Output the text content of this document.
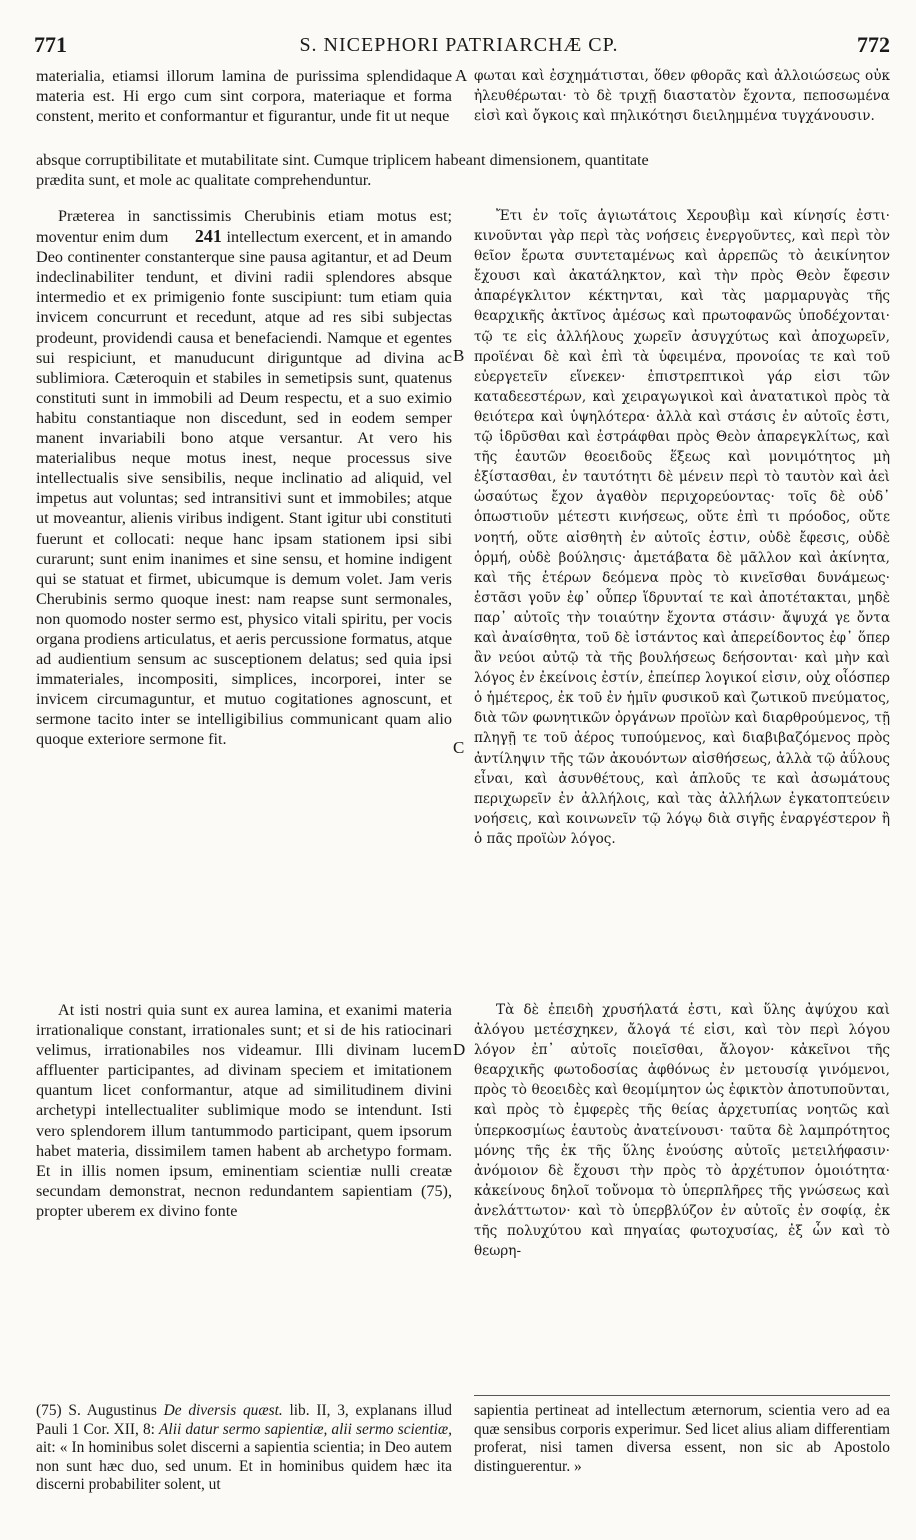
771	S. NICEPHORI PATRIARCHÆ CP.	772

materialia, etiamsi illorum lamina de purissima splendidaque materia est. Hi ergo cum sint corpora, materiaque et forma constent, merito et conformantur et figurantur, unde fit ut neque

A φωται καὶ ἐσχημάτισται, ὅθεν φθορᾶς καὶ ἀλλοιώσεως οὐκ ἠλευθέρωται· τὸ δὲ τριχῇ διαστατὸν ἔχοντα, πεποσωμένα εἰσὶ καὶ ὄγκοις καὶ πηλικότησι διειλημμένα τυγχάνουσιν.

absque corruptibilitate et mutabilitate sint. Cumque triplicem habeant dimensionem, quantitate
prædita sunt, et mole ac qualitate comprehenduntur.

Præterea in sanctissimis Cherubinis etiam motus est; moventur enim dum 241 intellectum exercent, et in amando Deo continenter constanterque sine pausa agitantur, et ad Deum indeclinabiliter tendunt, et divini radii splendores absque intermedio et ex primigenio fonte suscipiunt: tum etiam quia invicem concurrunt et recedunt, atque ad res sibi subjectas prodeunt, providendi causa et benefaciendi. Namque et egentes sui respiciunt, et manuducunt diriguntque ad divina ac sublimiora. Cæteroquin et stabiles in semetipsis sunt, quatenus constituti sunt in immobili ad Deum respectu, et a suo eximio habitu constantiaque non discedunt, sed in eodem semper manent invariabili bono atque versantur. At vero his materialibus neque motus inest, neque processus sive intellectualis sive sensibilis, neque inclinatio ad aliquid, vel impetus aut voluntas; sed intransitivi sunt et immobiles; atque ut moveantur, alienis viribus indigent. Stant igitur ubi constituti fuerunt et collocati: neque hanc ipsam stationem ipsi sibi curarunt; sunt enim inanimes et sine sensu, et homine indigent qui se statuat et firmet, ubicumque is demum volet. Jam veris Cherubinis sermo quoque inest: nam reapse sunt sermonales, non quomodo noster sermo est, physico vitali spiritu, per vocis organa prodiens articulatus, et aeris percussione formatus, atque ad audientium sensum ac susceptionem delatus; sed quia ipsi immateriales, incompositi, simplices, incorporei, inter se invicem circumaguntur, et mutuo cogitationes agnoscunt, et sermone tacito inter se intelligibilius communicant quam alio quoque exteriore sermone fit.

B
C

Ἔτι ἐν τοῖς ἁγιωτάτοις Χερουβὶμ καὶ κίνησίς ἐστι· κινοῦνται γὰρ περὶ τὰς νοήσεις ἐνεργοῦντες, καὶ περὶ τὸν θεῖον ἔρωτα συντεταμένως καὶ ἀρρεπῶς τὸ ἀεικίνητον ἔχουσι καὶ ἀκατάληκτον, καὶ τὴν πρὸς Θεὸν ἔφεσιν ἀπαρέγκλιτον κέκτηνται, καὶ τὰς μαρμαρυγὰς τῆς θεαρχικῆς ἀκτῖνος ἀμέσως καὶ πρωτοφανῶς ὑποδέχονται· τῷ τε εἰς ἀλλήλους χωρεῖν ἀσυγχύτως καὶ ἀποχωρεῖν, προϊέναι δὲ καὶ ἐπὶ τὰ ὑφειμένα, προνοίας τε καὶ τοῦ εὐεργετεῖν εἵνεκεν· ἐπιστρεπτικοὶ γάρ εἰσι τῶν καταδεεστέρων, καὶ χειραγωγικοὶ καὶ ἀνατατικοὶ πρὸς τὰ θειότερα καὶ ὑψηλότερα· ἀλλὰ καὶ στάσις ἐν αὐτοῖς ἐστι, τῷ ἱδρῦσθαι καὶ ἐστράφθαι πρὸς Θεὸν ἀπαρεγκλίτως, καὶ τῆς ἑαυτῶν θεοειδοῦς ἕξεως καὶ μονιμότητος μὴ ἐξίστασθαι, ἐν ταυτότητι δὲ μένειν περὶ τὸ ταυτὸν καὶ ἀεὶ ὡσαύτως ἔχον ἀγαθὸν περιχορεύοντας· τοῖς δὲ οὐδ᾽ ὁπωστιοῦν μέτεστι κινήσεως, οὔτε ἐπὶ τι πρόοδος, οὔτε νοητή, οὔτε αἰσθητὴ ἐν αὐτοῖς ἐστιν, οὐδὲ ἔφεσις, οὐδὲ ὁρμή, οὐδὲ βούλησις· ἀμετάβατα δὲ μᾶλλον καὶ ἀκίνητα, καὶ τῆς ἑτέρων δεόμενα πρὸς τὸ κινεῖσθαι δυνάμεως· ἑστᾶσι γοῦν ἐφ᾽ οὗπερ ἵδρυνταί τε καὶ ἀποτέτακται, μηδὲ παρ᾽ αὐτοῖς τὴν τοιαύτην ἔχοντα στάσιν· ἄψυχά γε ὄντα καὶ ἀναίσθητα, τοῦ δὲ ἱστάντος καὶ ἀπερείδοντος ἐφ᾽ ὅπερ ἂν νεύοι αὐτῷ τὰ τῆς βουλήσεως δεήσονται· καὶ μὴν καὶ λόγος ἐν ἐκείνοις ἐστίν, ἐπείπερ λογικοί εἰσιν, οὐχ οἷόσπερ ὁ ἡμέτερος, ἐκ τοῦ ἐν ἡμῖν φυσικοῦ καὶ ζωτικοῦ πνεύματος, διὰ τῶν φωνητικῶν ὀργάνων προϊὼν καὶ διαρθρούμενος, τῇ πληγῇ τε τοῦ ἀέρος τυπούμενος, καὶ διαβιβαζόμενος πρὸς ἀντίληψιν τῆς τῶν ἀκουόντων αἰσθήσεως, ἀλλὰ τῷ ἀΰλους εἶναι, καὶ ἀσυνθέτους, καὶ ἁπλοῦς τε καὶ ἀσωμάτους περιχωρεῖν ἐν ἀλλήλοις, καὶ τὰς ἀλλήλων ἐγκατοπτεύειν νοήσεις, καὶ κοινωνεῖν τῷ λόγῳ διὰ σιγῆς ἐναργέστερον ἢ ὁ πᾶς προϊὼν λόγος.

At isti nostri quia sunt ex aurea lamina, et exanimi materia irrationalique constant, irrationales sunt; et si de his ratiocinari velimus, irrationabiles nos videamur. Illi divinam lucem affluenter participantes, ad divinam speciem et imitationem quantum licet conformantur, atque ad similitudinem divini archetypi intellectualiter sublimique modo se intendunt. Isti vero splendorem illum tantummodo participant, quem ipsorum habet materia, dissimilem tamen habent ab archetypo formam. Et in illis nomen ipsum, eminentiam scientiæ nulli creatæ secundam demonstrat, necnon redundantem sapientiam (75), propter uberem ex divino fonte

D

Τὰ δὲ ἐπειδὴ χρυσήλατά ἐστι, καὶ ὕλης ἀψύχου καὶ ἀλόγου μετέσχηκεν, ἄλογά τέ εἰσι, καὶ τὸν περὶ λόγου λόγον ἐπ᾽ αὐτοῖς ποιεῖσθαι, ἄλογον· κἀκεῖνοι τῆς θεαρχικῆς φωτοδοσίας ἀφθόνως ἐν μετουσίᾳ γινόμενοι, πρὸς τὸ θεοειδὲς καὶ θεομίμητον ὡς ἐφικτὸν ἀποτυποῦνται, καὶ πρὸς τὸ ἐμφερὲς τῆς θείας ἀρχετυπίας νοητῶς καὶ ὑπερκοσμίως ἑαυτοὺς ἀνατείνουσι· ταῦτα δὲ λαμπρότητος μόνης τῆς ἐκ τῆς ὕλης ἑνούσης αὐτοῖς μετειλήφασιν· ἀνόμοιον δὲ ἔχουσι τὴν πρὸς τὸ ἀρχέτυπον ὁμοιότητα· κἀκείνους δηλοῖ τοὔνομα τὸ ὑπερπλῆρες τῆς γνώσεως καὶ ἀνελάττωτον· καὶ τὸ ὑπερβλύζον ἐν αὐτοῖς ἐν σοφίᾳ, ἐκ τῆς πολυχύτου καὶ πηγαίας φωτοχυσίας, ἐξ ὧν καὶ τὸ θεωρη-

(75) S. Augustinus De diversis quæst. lib. II, 3, explanans illud Pauli 1 Cor. XII, 8: Alii datur sermo sapientiæ, alii sermo scientiæ, ait: « In hominibus solet discerni a sapientia scientia; in Deo autem non sunt hæc duo, sed unum. Et in hominibus quidem hæc ita discerni probabiliter solent, ut
sapientia pertineat ad intellectum æternorum, scientia vero ad ea quæ sensibus corporis experimur. Sed licet alius aliam differentiam proferat, nisi tamen diversa essent, non sic ab Apostolo distinguerentur. »
